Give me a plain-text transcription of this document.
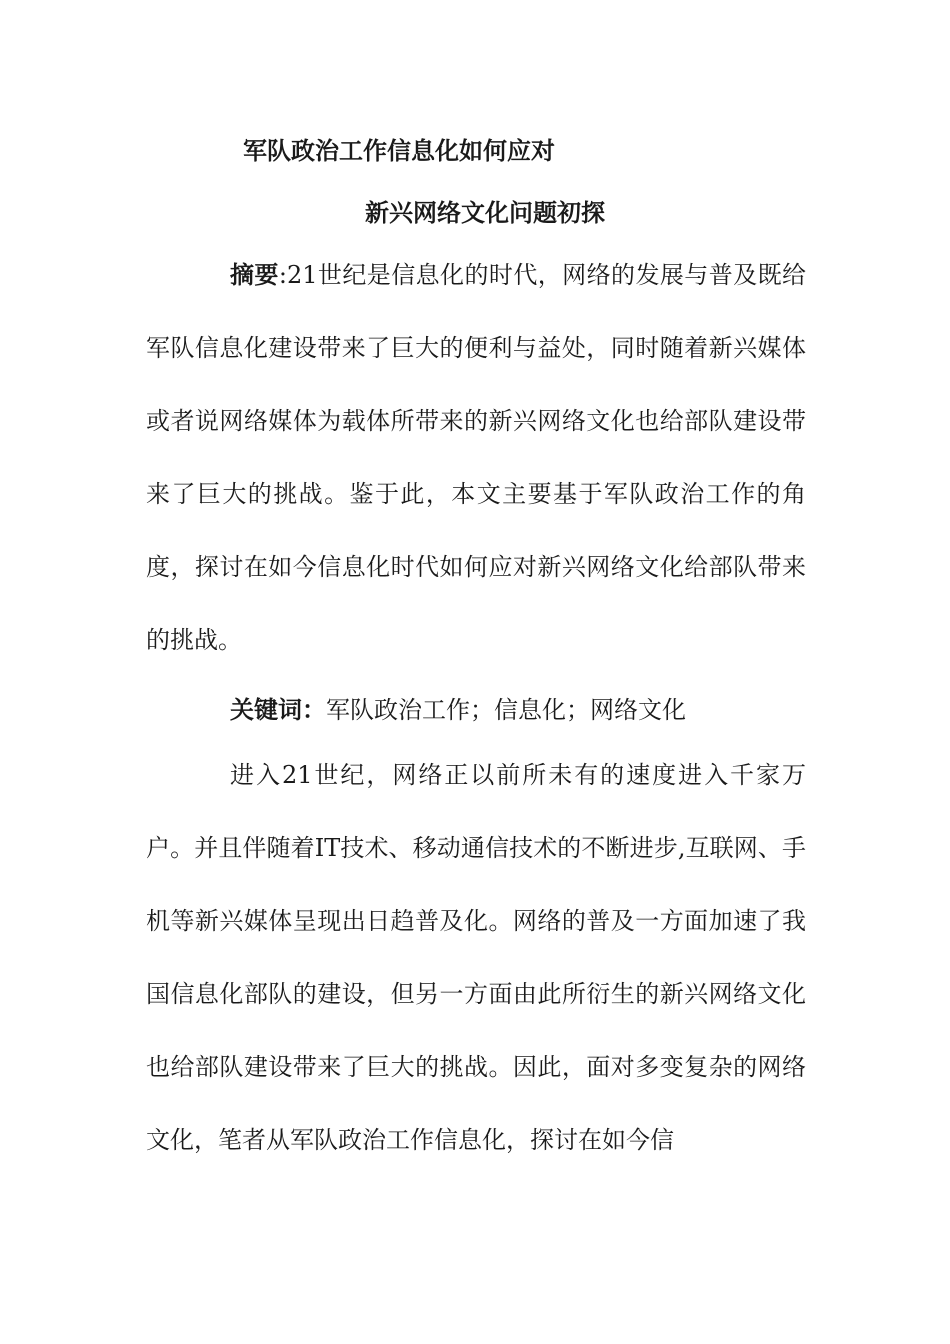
军队政治工作信息化如何应对
新兴网络文化问题初探

摘要:21世纪是信息化的时代，网络的发展与普及既给军队信息化建设带来了巨大的便利与益处，同时随着新兴媒体或者说网络媒体为载体所带来的新兴网络文化也给部队建设带来了巨大的挑战。鉴于此，本文主要基于军队政治工作的角度，探讨在如今信息化时代如何应对新兴网络文化给部队带来的挑战。

关键词：军队政治工作；信息化；网络文化

进入21世纪，网络正以前所未有的速度进入千家万户。并且伴随着IT技术、移动通信技术的不断进步,互联网、手机等新兴媒体呈现出日趋普及化。网络的普及一方面加速了我国信息化部队的建设，但另一方面由此所衍生的新兴网络文化也给部队建设带来了巨大的挑战。因此，面对多变复杂的网络文化，笔者从军队政治工作信息化，探讨在如今信
